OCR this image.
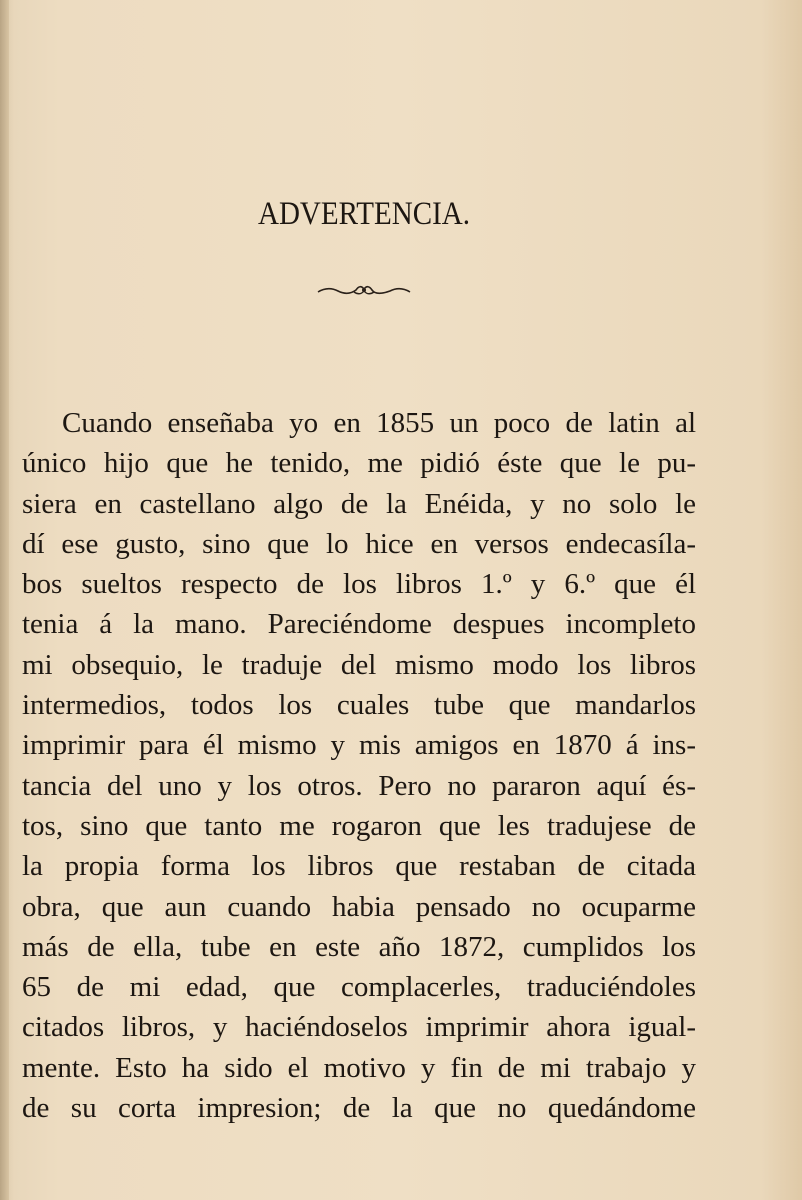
ADVERTENCIA.
Cuando enseñaba yo en 1855 un poco de latin al
único hijo que he tenido, me pidió éste que le pu-
siera en castellano algo de la Enéida, y no solo le
dí ese gusto, sino que lo hice en versos endecasíla-
bos sueltos respecto de los libros 1.º y 6.º que él
tenia á la mano. Pareciéndome despues incompleto
mi obsequio, le traduje del mismo modo los libros
intermedios, todos los cuales tube que mandarlos
imprimir para él mismo y mis amigos en 1870 á ins-
tancia del uno y los otros. Pero no pararon aquí és-
tos, sino que tanto me rogaron que les tradujese de
la propia forma los libros que restaban de citada
obra, que aun cuando habia pensado no ocuparme
más de ella, tube en este año 1872, cumplidos los
65 de mi edad, que complacerles, traduciéndoles
citados libros, y haciéndoselos imprimir ahora igual-
mente. Esto ha sido el motivo y fin de mi trabajo y
de su corta impresion; de la que no quedándome
